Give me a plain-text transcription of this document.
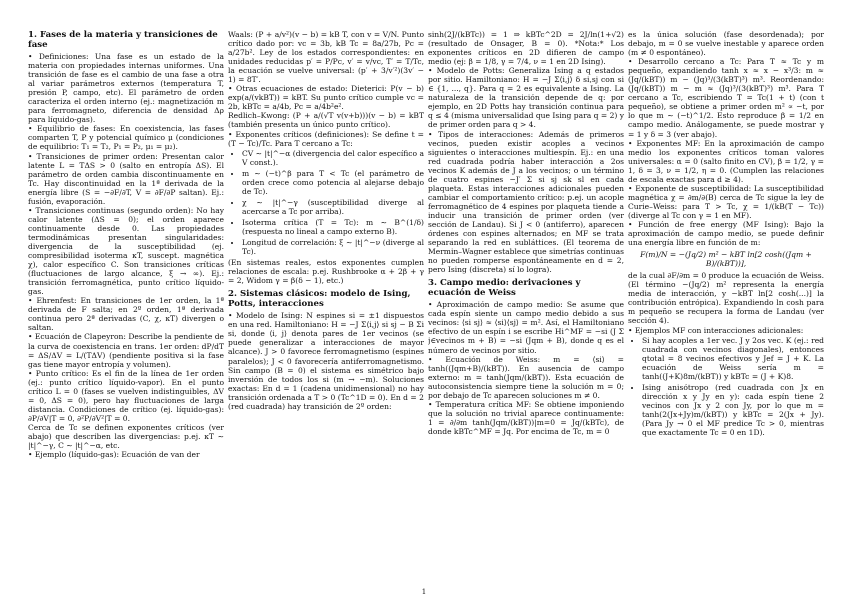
1. Fases de la materia y transiciones de fase

• Definiciones: Una fase es un estado de la materia con propiedades internas uniformes. Una transición de fase es el cambio de una fase a otra al variar parámetros externos (temperatura T, presión P, campo, etc). El parámetro de orden caracteriza el orden interno (ej.: magnetización m para ferromagneto, diferencia de densidad Δρ para líquido-gas).

• Equilibrio de fases: En coexistencia, las fases comparten T, P y potencial químico μ (condiciones de equilibrio: T₁ = T₂, P₁ = P₂, μ₁ = μ₂).

• Transiciones de primer orden: Presentan calor latente L = TΔS > 0 (salto en entropía ΔS). El parámetro de orden cambia discontinuamente en Tc. Hay discontinuidad en la 1ª derivada de la energía libre (S = −∂F/∂T, V = ∂F/∂P saltan). Ej.: fusión, evaporación.

• Transiciones continuas (segundo orden): No hay calor latente (ΔS = 0); el orden aparece continuamente desde 0. Las propiedades termodinámicas presentan singularidades: divergencia de la susceptibilidad (ej. compresibilidad isoterma κT, suscept. magnética χ), calor específico C. Son transiciones críticas (fluctuaciones de largo alcance, ξ → ∞). Ej.: transición ferromagnética, punto crítico líquido-gas.

• Ehrenfest: En transiciones de 1er orden, la 1ª derivada de F salta; en 2º orden, 1ª derivada continua pero 2ª derivadas (C, χ, κT) divergen o saltan.

• Ecuación de Clapeyron: Describe la pendiente de la curva de coexistencia en trans. 1er orden: dP/dT = ΔS/ΔV = L/(TΔV) (pendiente positiva si la fase gas tiene mayor entropía y volumen).

• Punto crítico: Es el fin de la línea de 1er orden (ej.: punto crítico líquido-vapor). En el punto crítico L = 0 (fases se vuelven indistinguibles, ΔV = 0, ΔS = 0), pero hay fluctuaciones de larga distancia. Condiciones de crítico (ej. líquido-gas): ∂P/∂V|T = 0, ∂²P/∂V²|T = 0.

Cerca de Tc se definen exponentes críticos (ver abajo) que describen las divergencias: p.ej. κT ∼ |t|^−γ, C ∼ |t|^−α, etc.

• Ejemplo (líquido-gas): Ecuación de van der

Waals: (P + a/v²)(v − b) = kB T, con v = V/N. Punto crítico dado por: vc = 3b, kB Tc = 8a/27b, Pc = a/27b². Ley de los estados correspondientes: en unidades reducidas p′ = P/Pc, v′ = v/vc, T′ = T/Tc, la ecuación se vuelve universal: (p′ + 3/v′²)(3v′ − 1) = 8T′.

• Otras ecuaciones de estado: Dieterici: P(v − b) exp(a/(vkBT)) = kBT. Su punto crítico cumple vc = 2b, kBTc = a/4b, Pc = a/4b²e².

Redlich–Kwong: (P + a/(√T v(v+b)))(v − b) = kBT (también presenta un único punto crítico).

• Exponentes críticos (definiciones): Se define t = (T − Tc)/Tc. Para T cercano a Tc:

• CV ∼ |t|^−α (divergencia del calor específico a V const.).
• m ∼ (−t)^β para T < Tc (el parámetro de orden crece como potencia al alejarse debajo de Tc).
• χ ∼ |t|^−γ (susceptibilidad diverge al acercarse a Tc por arriba).
• Isoterma crítica (T = Tc): m ∼ B^(1/δ) (respuesta no lineal a campo externo B).
• Longitud de correlación: ξ ∼ |t|^−ν (diverge al Tc).

(En sistemas reales, estos exponentes cumplen relaciones de escala: p.ej. Rushbrooke α + 2β + γ = 2, Widom γ = β(δ − 1), etc.)

2. Sistemas clásicos: modelo de Ising, Potts, interacciones

• Modelo de Ising: N espines si = ±1 dispuestos en una red. Hamiltoniano: H = −J Σ⟨i,j⟩ si sj − B Σi si, donde ⟨i, j⟩ denota pares de 1er vecinos (se puede generalizar a interacciones de mayor alcance). J > 0 favorece ferromagnetismo (espines paralelos); J < 0 favorecería antiferromagnetismo. Sin campo (B = 0) el sistema es simétrico bajo inversión de todos los si (m → −m). Soluciones exactas: En d = 1 (cadena unidimensional) no hay transición ordenada a T > 0 (Tc^1D = 0). En d = 2 (red cuadrada) hay transición de 2º orden:

sinh(2J/(kBTc)) = 1 ⇒ kBTc^2D = 2J/ln(1+√2) (resultado de Onsager, B = 0). *Nota:* Los exponentes críticos en 2D difieren de campo medio (ej: β = 1/8, γ = 7/4, ν = 1 en 2D Ising).

• Modelo de Potts: Generaliza Ising a q estados por sitio. Hamiltoniano: H = −J Σ⟨i,j⟩ δ si,sj con si ∈ {1, ..., q}. Para q = 2 es equivalente a Ising. La naturaleza de la transición depende de q: por ejemplo, en 2D Potts hay transición continua para q ≤ 4 (misma universalidad que Ising para q = 2) y de primer orden para q > 4.

• Tipos de interacciones: Además de primeros vecinos, pueden existir acoples a vecinos siguientes o interacciones multiespín. Ej.: en una red cuadrada podría haber interacción a 2os vecinos K además de J a los vecinos; o un término de cuatro espines −J′ Σ si sj sk sl en cada plaqueta. Estas interacciones adicionales pueden cambiar el comportamiento crítico: p.ej. un acople ferromagnético de 4 espines por plaqueta tiende a inducir una transición de primer orden (ver sección de Landau). Si J < 0 (antiferro), aparecen órdenes con espines alternados; en MF se trata separando la red en subláttices. (El teorema de Mermin–Wagner establece que simetrías continuas no pueden romperse espontáneamente en d = 2, pero Ising (discreta) sí lo logra).

3. Campo medio: derivaciones y ecuación de Weiss

• Aproximación de campo medio: Se asume que cada espín siente un campo medio debido a sus vecinos: ⟨si sj⟩ ≈ ⟨si⟩⟨sj⟩ = m². Así, el Hamiltoniano efectivo de un espín i se escribe Hi^MF = −si (J Σ j∈vecinos m + B) = −si (Jqm + B), donde q es el número de vecinos por sitio.

• Ecuación de Weiss: m = ⟨si⟩ = tanh((Jqm+B)/(kBT)). En ausencia de campo externo: m = tanh(Jqm/(kBT)). Esta ecuación de autoconsistencia siempre tiene la solución m = 0; por debajo de Tc aparecen soluciones m ≠ 0.

• Temperatura crítica MF: Se obtiene imponiendo que la solución no trivial aparece continuamente: 1 = ∂/∂m tanh(Jqm/(kBT))|m=0 = Jq/(kBTc), de donde kBTc^MF = Jq. Por encima de Tc, m = 0

es la única solución (fase desordenada); por debajo, m = 0 se vuelve inestable y aparece orden (m ≠ 0 espontáneo).

• Desarrollo cercano a Tc: Para T ≈ Tc y m pequeño, expandiendo tanh x ≈ x − x³/3: m ≈ (Jq/(kBT)) m − (Jq)³/(3(kBT)³) m³. Reordenando: (Jq/(kBT)) m − m ≈ (Jq)³/(3(kBT)³) m³. Para T cercano a Tc, escribiendo T = Tc(1 + t) (con t pequeño), se obtiene a primer orden m² ∝ −t, por lo que m ∼ (−t)^1/2. Esto reproduce β = 1/2 en campo medio. Análogamente, se puede mostrar γ = 1 y δ = 3 (ver abajo).

• Exponentes MF: En la aproximación de campo medio los exponentes críticos toman valores universales: α = 0 (salto finito en CV), β = 1/2, γ = 1, δ = 3, ν = 1/2, η = 0. (Cumplen las relaciones de escala exactas para d ≥ 4).

• Exponente de susceptibilidad: La susceptibilidad magnética χ = ∂m/∂(B) cerca de Tc sigue la ley de Curie–Weiss: para T > Tc, χ = 1/(kB(T − Tc)) (diverge al Tc con γ = 1 en MF).

• Función de free energy (MF Ising): Bajo la aproximación de campo medio, se puede definir una energía libre en función de m:

F(m)/N = −(Jq/2) m² − kBT ln[2 cosh((Jqm + B)/(kBT))],

de la cual ∂F/∂m = 0 produce la ecuación de Weiss. (El término −(Jq/2) m² representa la energía media de interacción, y −kBT ln[2 cosh(...)] la contribución entrópica). Expandiendo ln cosh para m pequeño se recupera la forma de Landau (ver sección 4).

• Ejemplos MF con interacciones adicionales:

• Si hay acoples a 1er vec. J y 2os vec. K (ej.: red cuadrada con vecinos diagonales), entonces qtotal = 8 vecinos efectivos y Jef = J + K. La ecuación de Weiss sería m = tanh((J+K)8m/(kBT)) y kBTc = (J + K)8.
• Ising anisótropo (red cuadrada con Jx en dirección x y Jy en y): cada espín tiene 2 vecinos con Jx y 2 con Jy, por lo que m = tanh(2(Jx+Jy)m/(kBT)) y kBTc = 2(Jx + Jy). (Para Jy → 0 el MF predice Tc > 0, mientras que exactamente Tc = 0 en 1D).
1
